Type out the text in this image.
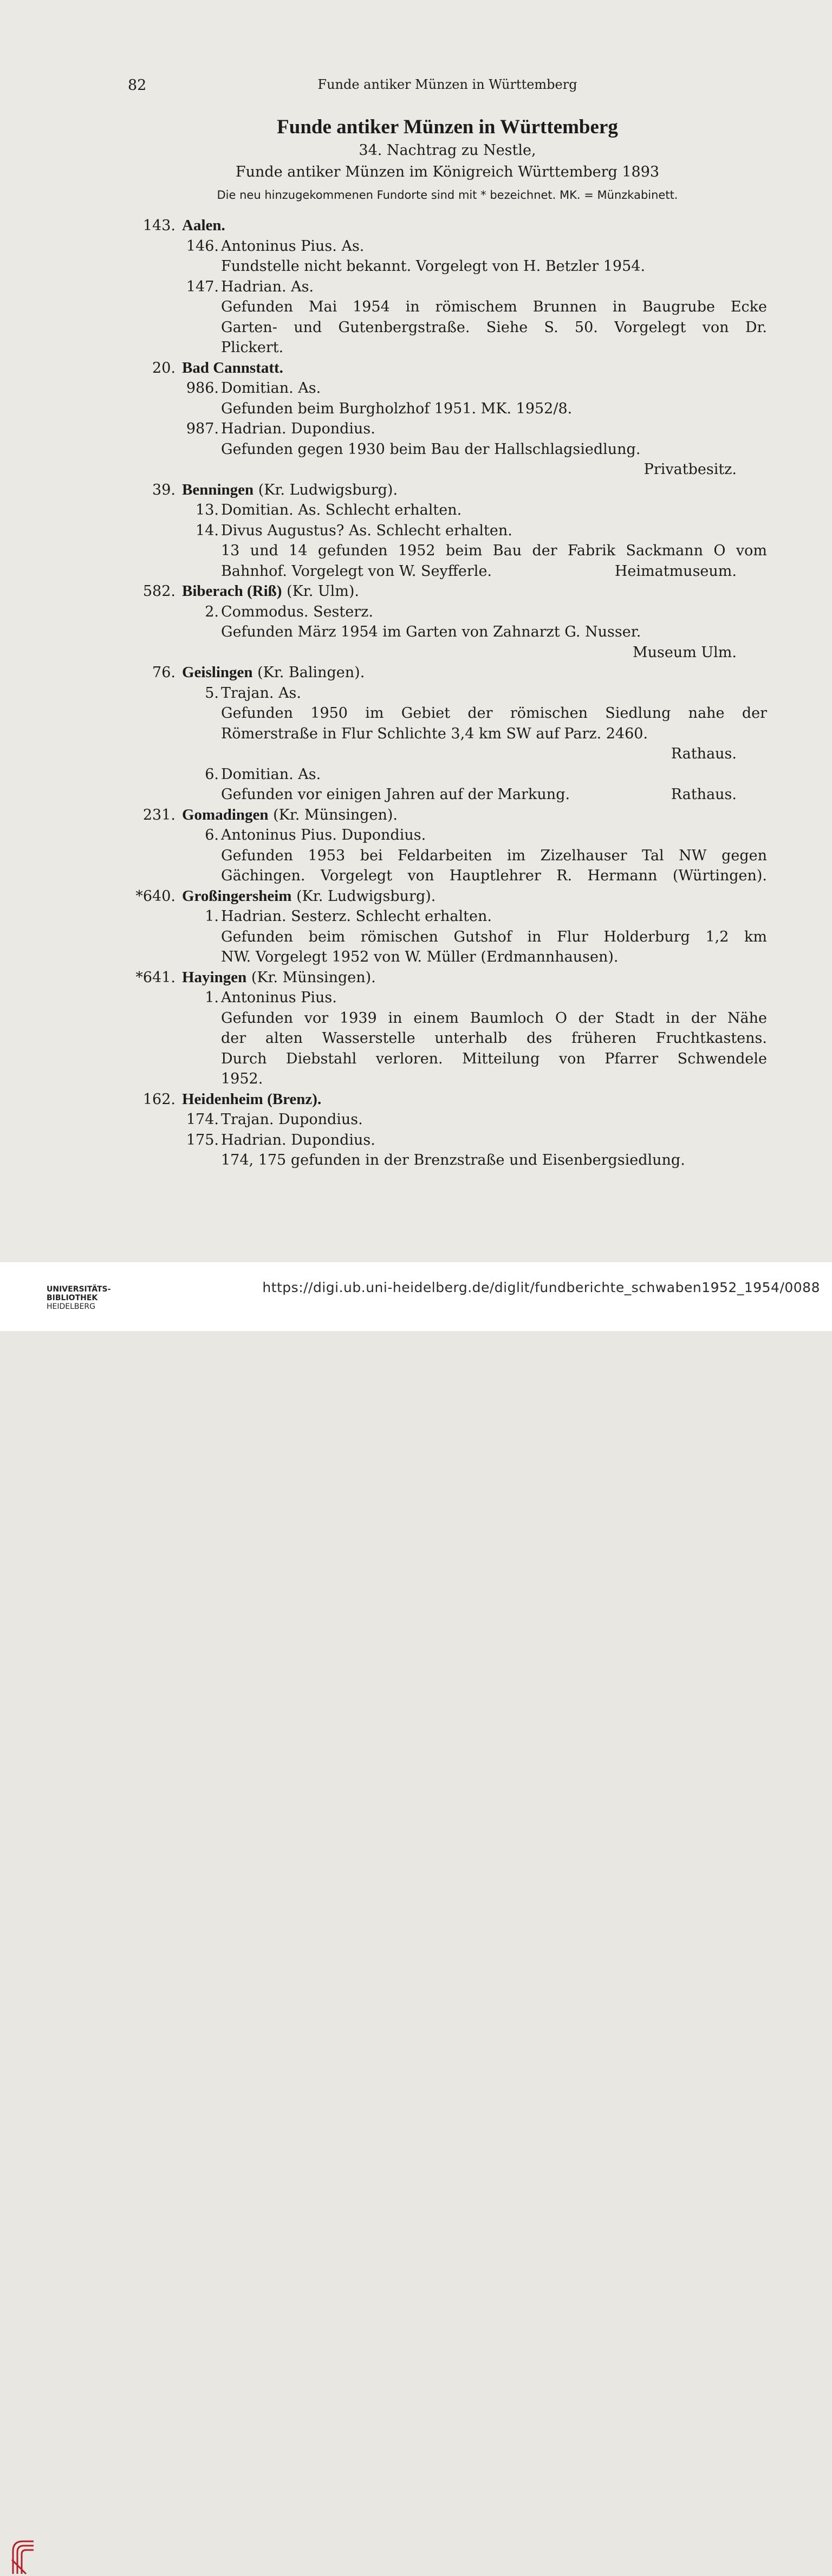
82	Funde antiker Münzen in Württemberg
Funde antiker Münzen in Württemberg
34. Nachtrag zu Nestle,
Funde antiker Münzen im Königreich Württemberg 1893
Die neu hinzugekommenen Fundorte sind mit * bezeichnet. MK. = Münzkabinett.
143. Aalen.
146. Antoninus Pius. As.
Fundstelle nicht bekannt. Vorgelegt von H. Betzler 1954.
147. Hadrian. As.
Gefunden Mai 1954 in römischem Brunnen in Baugrube Ecke
Garten- und Gutenbergstraße. Siehe S. 50. Vorgelegt von Dr.
Plickert.
20. Bad Cannstatt.
986. Domitian. As.
Gefunden beim Burgholzhof 1951. MK. 1952/8.
987. Hadrian. Dupondius.
Gefunden gegen 1930 beim Bau der Hallschlagsiedlung.
Privatbesitz.
39. Benningen (Kr. Ludwigsburg).
13. Domitian. As. Schlecht erhalten.
14. Divus Augustus? As. Schlecht erhalten.
13 und 14 gefunden 1952 beim Bau der Fabrik Sackmann O vom
Bahnhof. Vorgelegt von W. Seyfferle.	Heimatmuseum.
582. Biberach (Riß) (Kr. Ulm).
2. Commodus. Sesterz.
Gefunden März 1954 im Garten von Zahnarzt G. Nusser.
Museum Ulm.
76. Geislingen (Kr. Balingen).
5. Trajan. As.
Gefunden 1950 im Gebiet der römischen Siedlung nahe der
Römerstraße in Flur Schlichte 3,4 km SW auf Parz. 2460.
Rathaus.
6. Domitian. As.
Gefunden vor einigen Jahren auf der Markung.	Rathaus.
231. Gomadingen (Kr. Münsingen).
6. Antoninus Pius. Dupondius.
Gefunden 1953 bei Feldarbeiten im Zizelhauser Tal NW gegen
Gächingen. Vorgelegt von Hauptlehrer R. Hermann (Würtingen).
*640. Großingersheim (Kr. Ludwigsburg).
1. Hadrian. Sesterz. Schlecht erhalten.
Gefunden beim römischen Gutshof in Flur Holderburg 1,2 km
NW. Vorgelegt 1952 von W. Müller (Erdmannhausen).
*641. Hayingen (Kr. Münsingen).
1. Antoninus Pius.
Gefunden vor 1939 in einem Baumloch O der Stadt in der Nähe
der alten Wasserstelle unterhalb des früheren Fruchtkastens.
Durch Diebstahl verloren. Mitteilung von Pfarrer Schwendele
1952.
162. Heidenheim (Brenz).
174. Trajan. Dupondius.
175. Hadrian. Dupondius.
174, 175 gefunden in der Brenzstraße und Eisenbergsiedlung.
UNIVERSITÄTS-
BIBLIOTHEK
HEIDELBERG
https://digi.ub.uni-heidelberg.de/diglit/fundberichte_schwaben1952_1954/0088
